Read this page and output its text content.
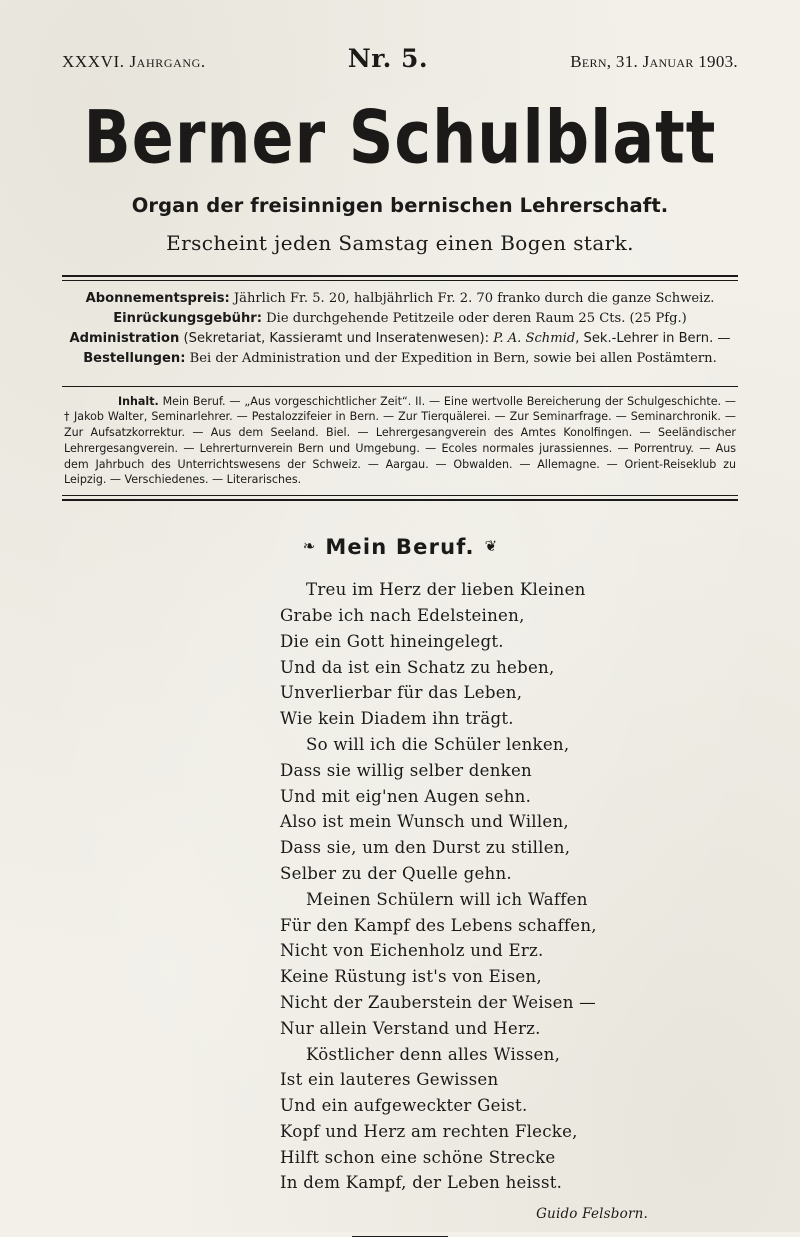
XXXVI. Jahrgang.	Nr. 5.	Bern, 31. Januar 1903.
Berner Schulblatt
Organ der freisinnigen bernischen Lehrerschaft.
Erscheint jeden Samstag einen Bogen stark.

Abonnementspreis: Jährlich Fr. 5. 20, halbjährlich Fr. 2. 70 franko durch die ganze Schweiz.

Einrückungsgebühr: Die durchgehende Petitzeile oder deren Raum 25 Cts. (25 Pfg.)

Administration (Sekretariat, Kassieramt und Inseratenwesen): P. A. Schmid, Sek.-Lehrer in Bern. — Bestellungen: Bei der Administration und der Expedition in Bern, sowie bei allen Postämtern.

Inhalt. Mein Beruf. — „Aus vorgeschichtlicher Zeit“. II. — Eine wertvolle Bereicherung der Schulgeschichte. — † Jakob Walter, Seminarlehrer. — Pestalozzifeier in Bern. — Zur Tierquälerei. — Zur Seminarfrage. — Seminarchronik. — Zur Aufsatzkorrektur. — Aus dem Seeland. Biel. — Lehrergesangverein des Amtes Konolfingen. — Seeländischer Lehrergesangverein. — Lehrerturnverein Bern und Umgebung. — Ecoles normales jurassiennes. — Porrentruy. — Aus dem Jahrbuch des Unterrichtswesens der Schweiz. — Aargau. — Obwalden. — Allemagne. — Orient-Reiseklub zu Leipzig. — Verschiedenes. — Literarisches.
❧ Mein Beruf. ❦
Treu im Herz der lieben Kleinen
Grabe ich nach Edelsteinen,
Die ein Gott hineingelegt.
Und da ist ein Schatz zu heben,
Unverlierbar für das Leben,
Wie kein Diadem ihn trägt.
So will ich die Schüler lenken,
Dass sie willig selber denken
Und mit eig'nen Augen sehn.
Also ist mein Wunsch und Willen,
Dass sie, um den Durst zu stillen,
Selber zu der Quelle gehn.
Meinen Schülern will ich Waffen
Für den Kampf des Lebens schaffen,
Nicht von Eichenholz und Erz.
Keine Rüstung ist's von Eisen,
Nicht der Zauberstein der Weisen —
Nur allein Verstand und Herz.
Köstlicher denn alles Wissen,
Ist ein lauteres Gewissen
Und ein aufgeweckter Geist.
Kopf und Herz am rechten Flecke,
Hilft schon eine schöne Strecke
In dem Kampf, der Leben heisst.
Guido Felsborn.
